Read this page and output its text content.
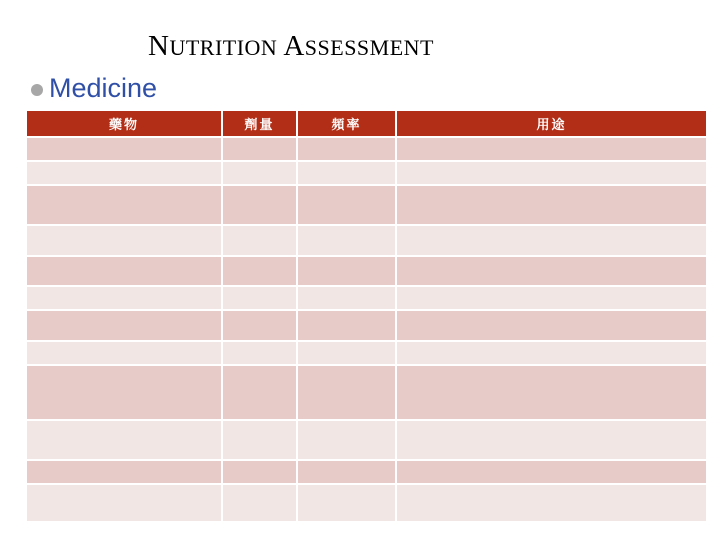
NUTRITION ASSESSMENT
Medicine
藥物	劑量	頻率	用途
